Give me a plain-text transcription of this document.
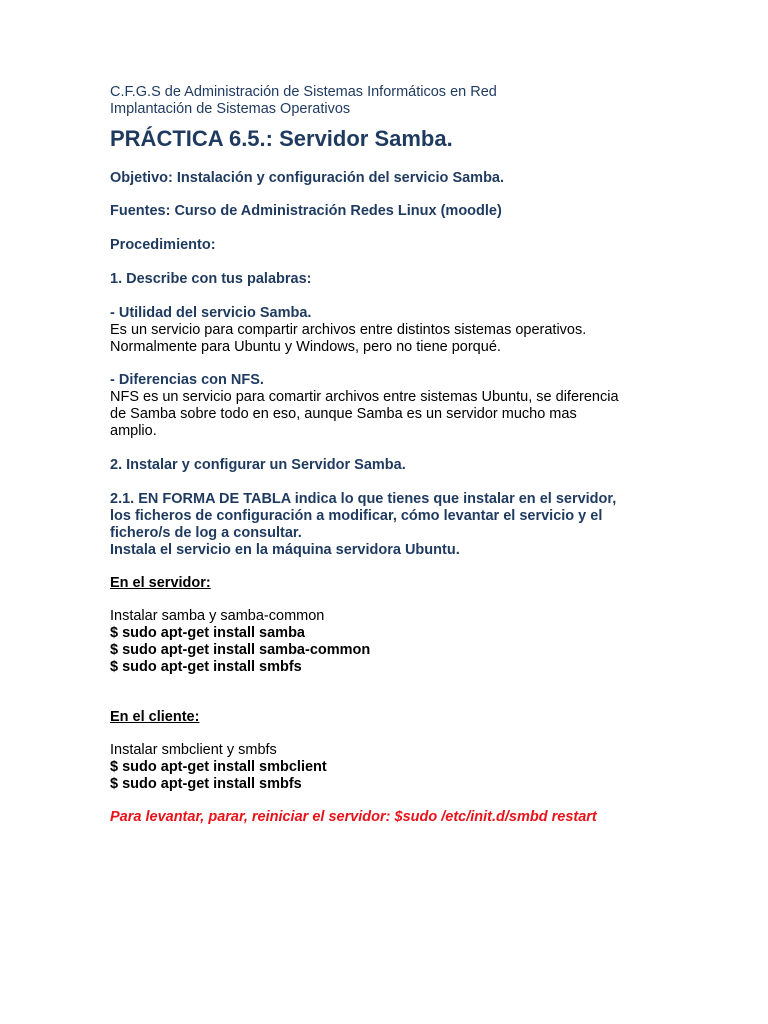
C.F.G.S de Administración de Sistemas Informáticos en Red
Implantación de Sistemas Operativos
PRÁCTICA 6.5.: Servidor Samba.
Objetivo: Instalación y configuración del servicio Samba.
Fuentes: Curso de Administración Redes Linux (moodle)
Procedimiento:
1. Describe con tus palabras:
- Utilidad del servicio Samba.
Es un servicio para compartir archivos entre distintos sistemas operativos.
Normalmente para Ubuntu y Windows, pero no tiene porqué.
- Diferencias con NFS.
NFS es un servicio para comartir archivos entre sistemas Ubuntu, se diferencia
de Samba sobre todo en eso, aunque Samba es un servidor mucho mas
amplio.
2. Instalar y configurar un Servidor Samba.
2.1. EN FORMA DE TABLA indica lo que tienes que instalar en el servidor,
los ficheros de configuración a modificar, cómo levantar el servicio y el
fichero/s de log a consultar.
Instala el servicio en la máquina servidora Ubuntu.
En el servidor:
Instalar samba y samba-common
$ sudo apt-get install samba
$ sudo apt-get install samba-common
$ sudo apt-get install smbfs
En el cliente:
Instalar smbclient y smbfs
$ sudo apt-get install smbclient
$ sudo apt-get install smbfs
Para levantar, parar, reiniciar el servidor: $sudo /etc/init.d/smbd restart
